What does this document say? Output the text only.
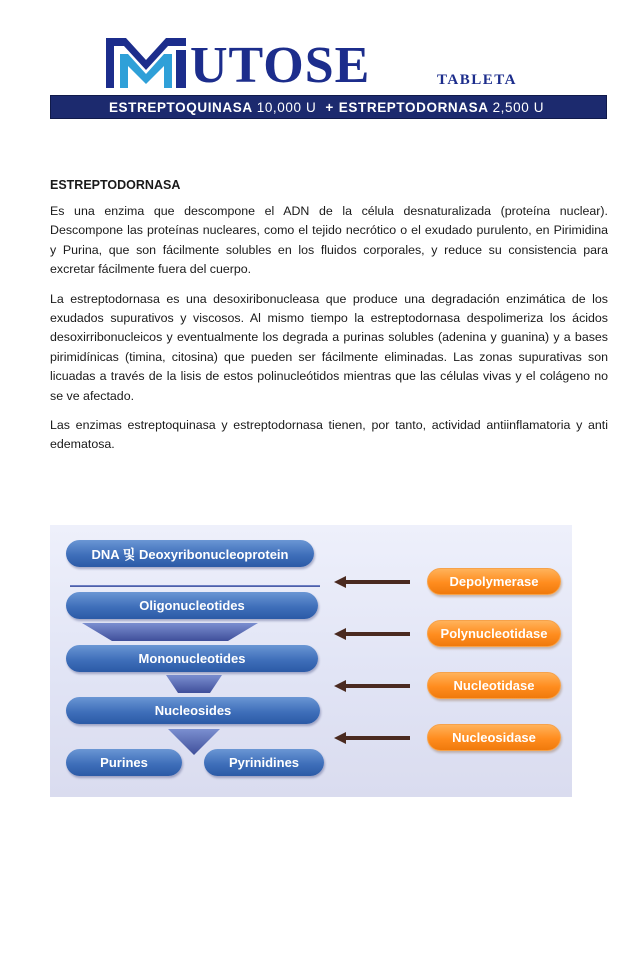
UTOSE	TABLETA
ESTREPTOQUINASA 10,000 U + ESTREPTODORNASA 2,500 U
ESTREPTODORNASA

Es una enzima que descompone el ADN de la célula desnaturalizada (proteína nuclear). Descompone las proteínas nucleares, como el tejido necrótico o el exudado purulento, en Pirimidina y Purina, que son fácilmente solubles en los fluidos corporales, y reduce su consistencia para excretar fácilmente fuera del cuerpo.

La estreptodornasa es una desoxiribonucleasa que produce una degradación enzimática de los exudados supurativos y viscosos. Al mismo tiempo la estreptodornasa despolimeriza los ácidos desoxirribonucleicos y eventualmente los degrada a purinas solubles (adenina y guanina) y a bases pirimidínicas (timina, citosina) que pueden ser fácilmente eliminadas. Las zonas supurativas son licuadas a través de la lisis de estos polinucleótidos mientras que las células vivas y el colágeno no se ve afectado.

Las enzimas estreptoquinasa y estreptodornasa tienen, por tanto, actividad antiinflamatoria y anti edematosa.

DNA 및 Deoxyribonucleoprotein
Oligonucleotides
Mononucleotides
Nucleosides
Purines	Pyrinidines
Depolymerase
Polynucleotidase
Nucleotidase
Nucleosidase
